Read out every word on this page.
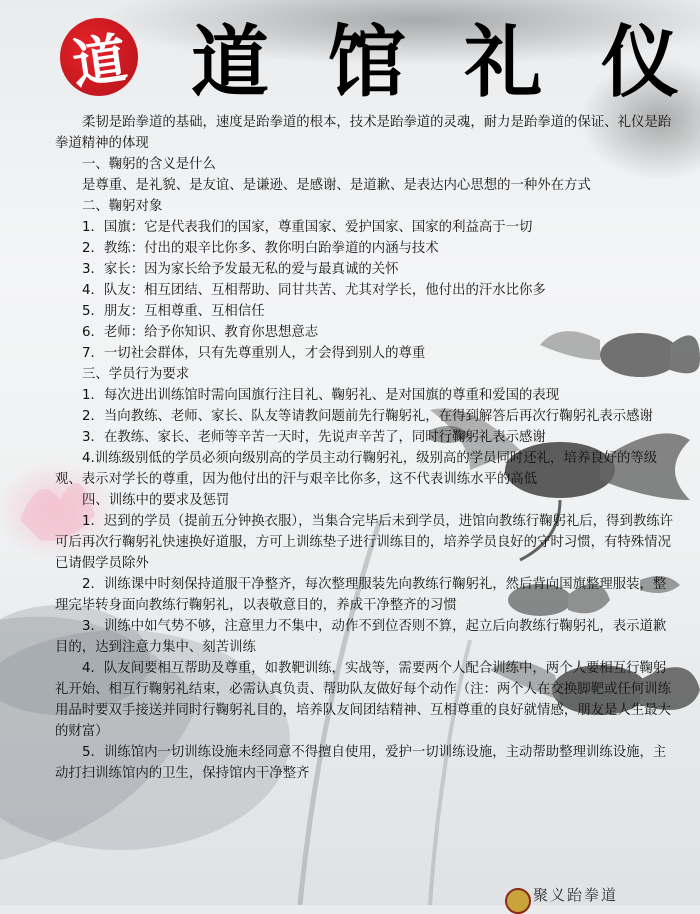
道 道 馆 礼 仪

柔韧是跆拳道的基础，速度是跆拳道的根本，技术是跆拳道的灵魂，耐力是跆拳道的保证、礼仪是跆拳道精神的体现

一、鞠躬的含义是什么

是尊重、是礼貌、是友谊、是谦逊、是感谢、是道歉、是表达内心思想的一种外在方式

二、鞠躬对象

1．国旗：它是代表我们的国家，尊重国家、爱护国家、国家的利益高于一切

2．教练：付出的艰辛比你多、教你明白跆拳道的内涵与技术

3．家长：因为家长给予发最无私的爱与最真诚的关怀

4．队友：相互团结、互相帮助、同甘共苦、尤其对学长，他付出的汗水比你多

5．朋友：互相尊重、互相信任

6．老师：给予你知识、教育你思想意志

7．一切社会群体，只有先尊重别人，才会得到别人的尊重

三、学员行为要求

1．每次进出训练馆时需向国旗行注目礼、鞠躬礼、是对国旗的尊重和爱国的表现

2．当向教练、老师、家长、队友等请教问题前先行鞠躬礼，在得到解答后再次行鞠躬礼表示感谢

3．在教练、家长、老师等辛苦一天时，先说声辛苦了，同时行鞠躬礼表示感谢

4.训练级别低的学员必须向级别高的学员主动行鞠躬礼，级别高的学员同时还礼，培养良好的等级观、表示对学长的尊重，因为他付出的汗与艰辛比你多，这不代表训练水平的高低

四、训练中的要求及惩罚

1．迟到的学员（提前五分钟换衣服），当集合完毕后未到学员，进馆向教练行鞠躬礼后，得到教练许可后再次行鞠躬礼快速换好道服，方可上训练垫子进行训练目的，培养学员良好的守时习惯，有特殊情况已请假学员除外

2．训练课中时刻保持道服干净整齐，每次整理服装先向教练行鞠躬礼，然后背向国旗整理服装，整理完毕转身面向教练行鞠躬礼，以表敬意目的，养成干净整齐的习惯

3．训练中如气势不够，注意里力不集中，动作不到位否则不算，起立后向教练行鞠躬礼，表示道歉目的，达到注意力集中、刻苦训练

4．队友间要相互帮助及尊重，如教靶训练，实战等，需要两个人配合训练中，两个人要相互行鞠躬礼开始、相互行鞠躬礼结束，必需认真负责、帮助队友做好每个动作（注：两个人在交换脚靶或任何训练用品时要双手接送并同时行鞠躬礼目的，培养队友间团结精神、互相尊重的良好就情感，朋友是人生最大的财富）

5．训练馆内一切训练设施未经同意不得擅自使用，爱护一切训练设施，主动帮助整理训练设施，主动打扫训练馆内的卫生，保持馆内干净整齐

聚义跆拳道
